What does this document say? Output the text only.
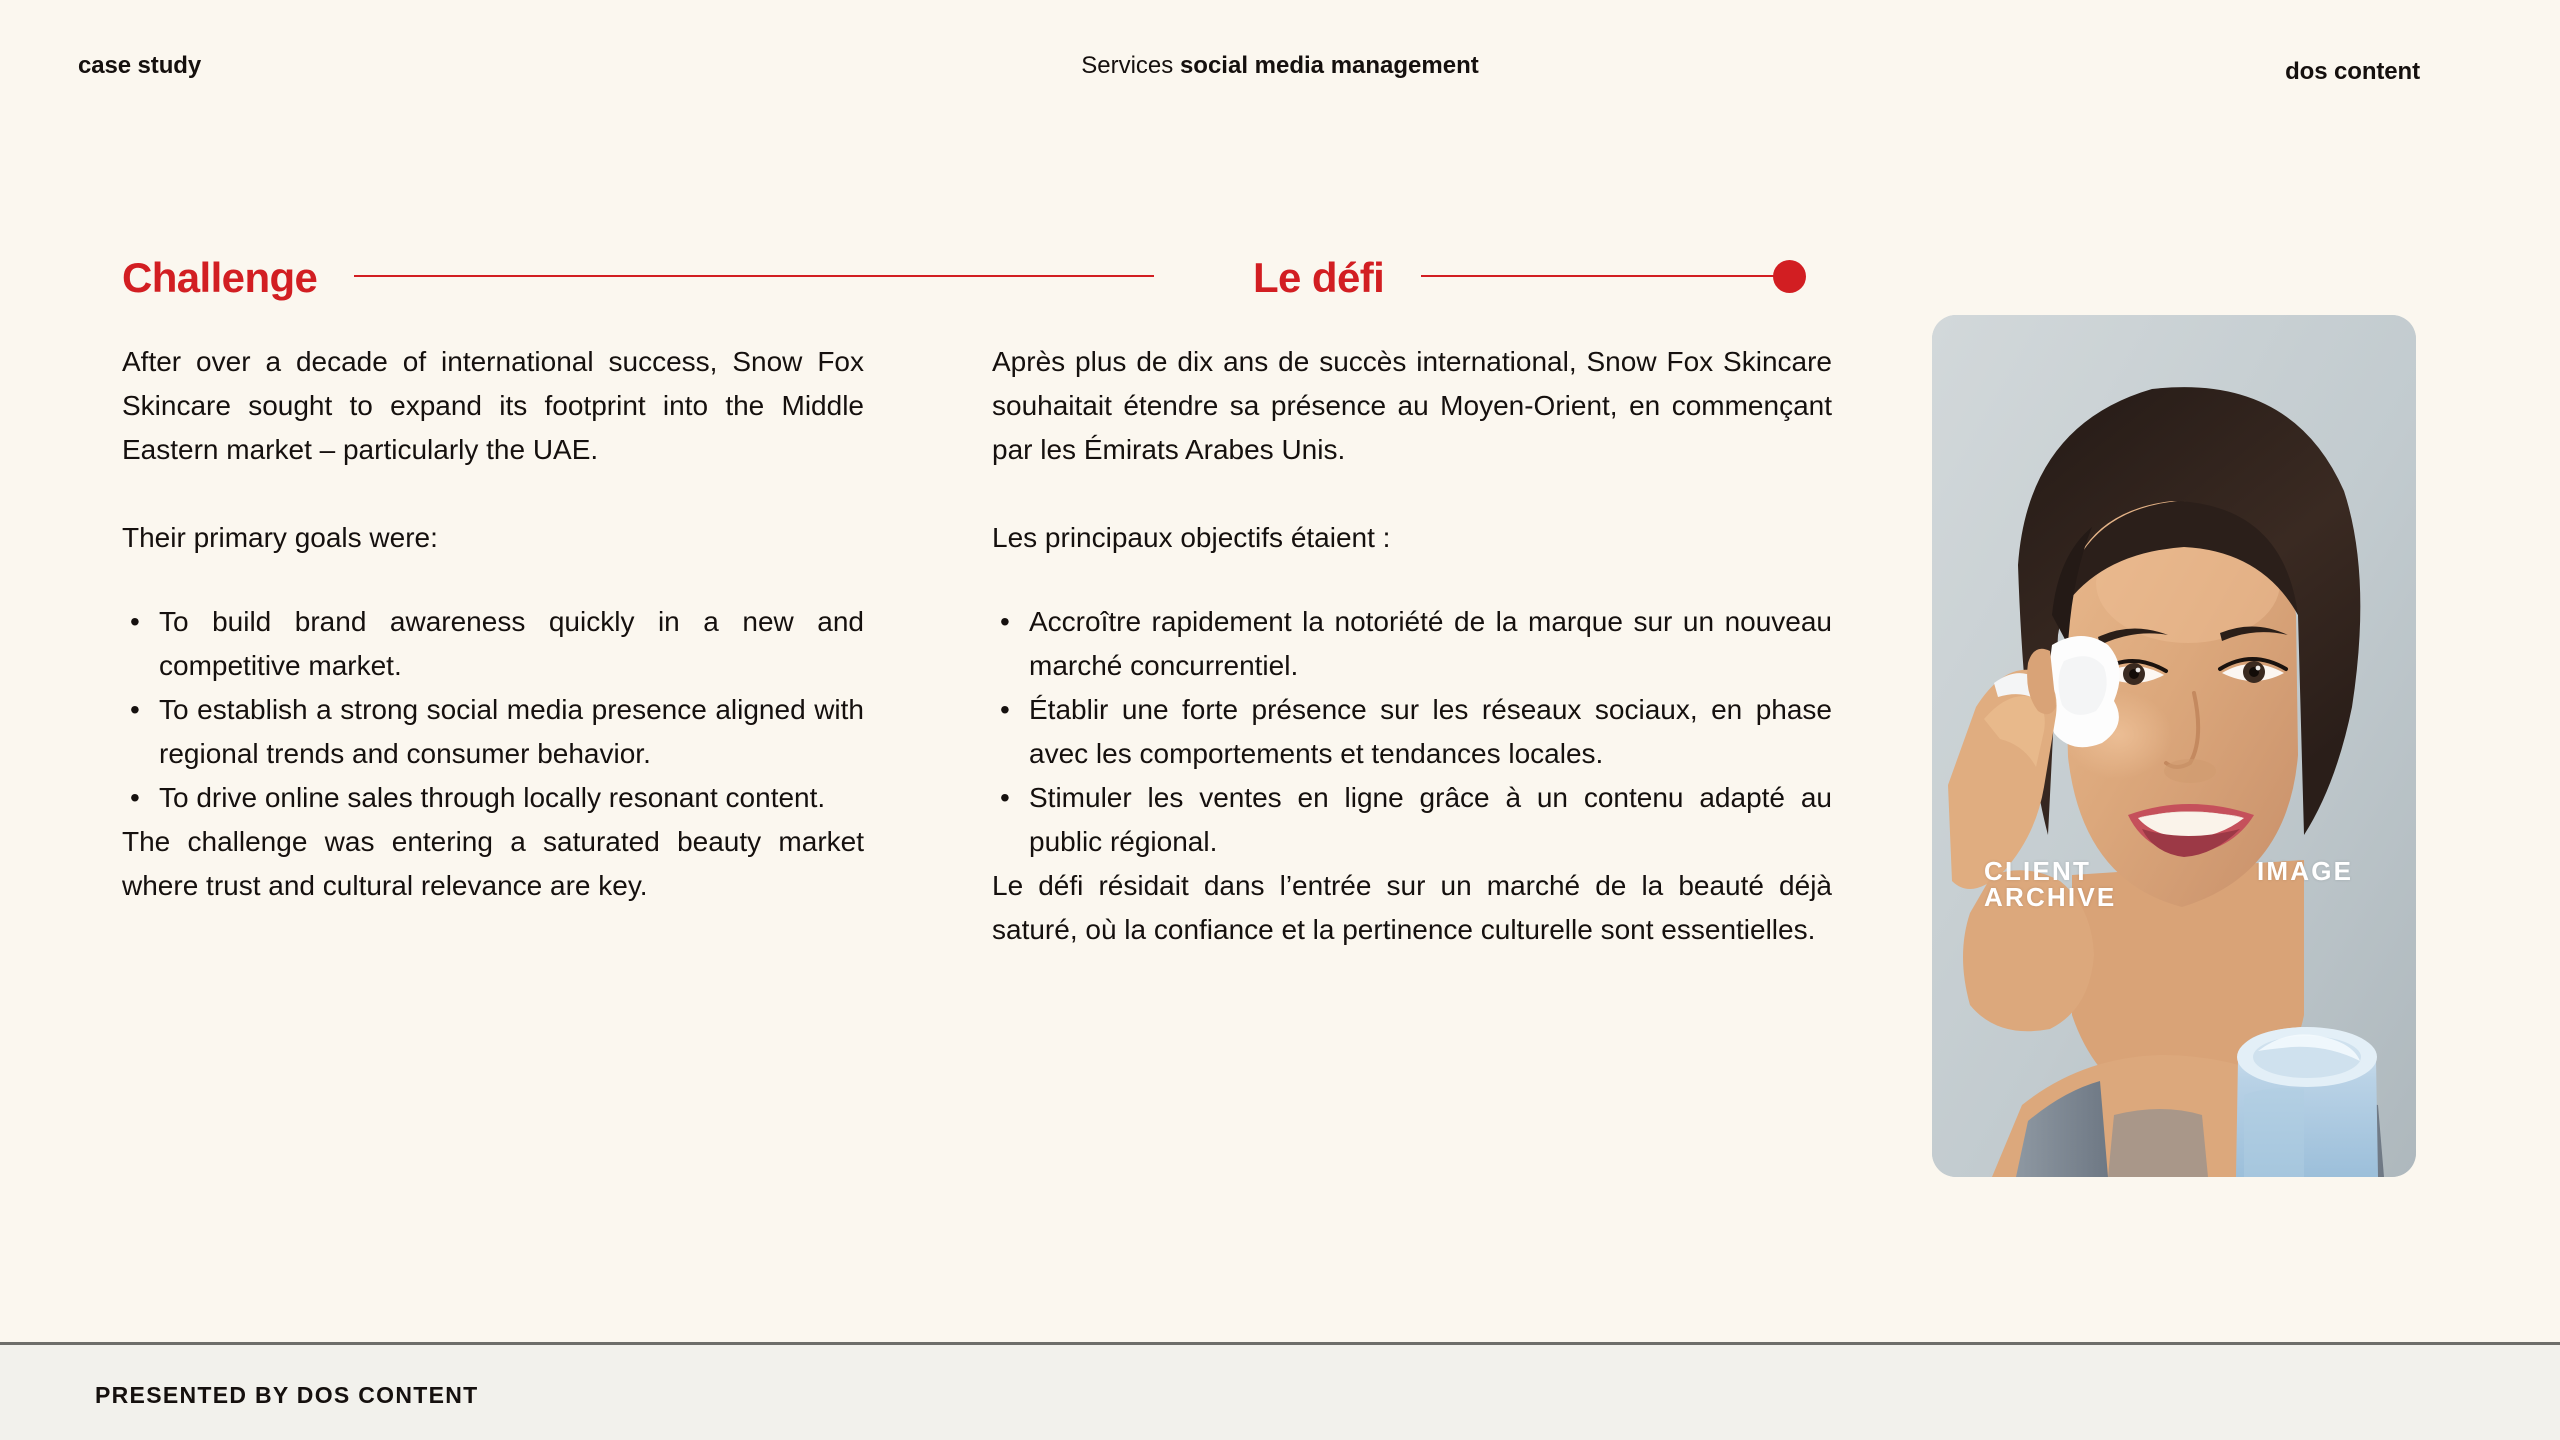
case study	Services social media management	dos content
Challenge	Le défi

After over a decade of international success, Snow Fox Skincare sought to expand its footprint into the Middle Eastern market – particularly the UAE.

Their primary goals were:

• To build brand awareness quickly in a new and competitive market.
• To establish a strong social media presence aligned with regional trends and consumer behavior.
• To drive online sales through locally resonant content.

The challenge was entering a saturated beauty market where trust and cultural relevance are key.

Après plus de dix ans de succès international, Snow Fox Skincare souhaitait étendre sa présence au Moyen-Orient, en commençant par les Émirats Arabes Unis.

Les principaux objectifs étaient :

• Accroître rapidement la notoriété de la marque sur un nouveau marché concurrentiel.
• Établir une forte présence sur les réseaux sociaux, en phase avec les comportements et tendances locales.
• Stimuler les ventes en ligne grâce à un contenu adapté au public régional.

Le défi résidait dans l’entrée sur un marché de la beauté déjà saturé, où la confiance et la pertinence culturelle sont essentielles.

CLIENT
ARCHIVE
IMAGE
PRESENTED BY DOS CONTENT
